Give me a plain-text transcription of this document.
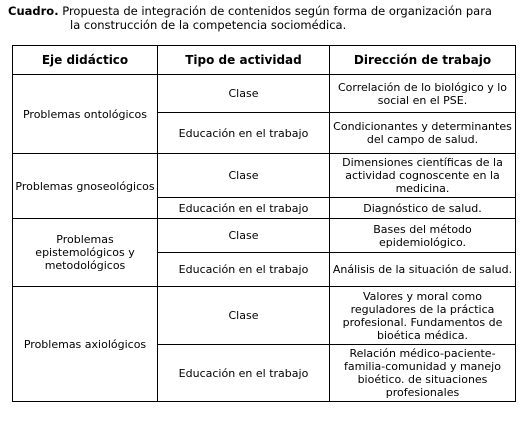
Cuadro. Propuesta de integración de contenidos según forma de organización para
la construcción de la competencia sociomédica.
Eje didáctico	Tipo de actividad	Dirección de trabajo
Problemas ontológicos	Clase	Correlación de lo biológico y lo social en el PSE.
	Educación en el trabajo	Condicionantes y determinantes del campo de salud.
Problemas gnoseológicos	Clase	Dimensiones científicas de la actividad cognoscente en la medicina.
	Educación en el trabajo	Diagnóstico de salud.
Problemas epistemológicos y metodológicos	Clase	Bases del método epidemiológico.
	Educación en el trabajo	Análisis de la situación de salud.
Problemas axiológicos	Clase	Valores y moral como reguladores de la práctica profesional. Fundamentos de bioética médica.
	Educación en el trabajo	Relación médico-paciente-familia-comunidad y manejo bioético. de situaciones profesionales
